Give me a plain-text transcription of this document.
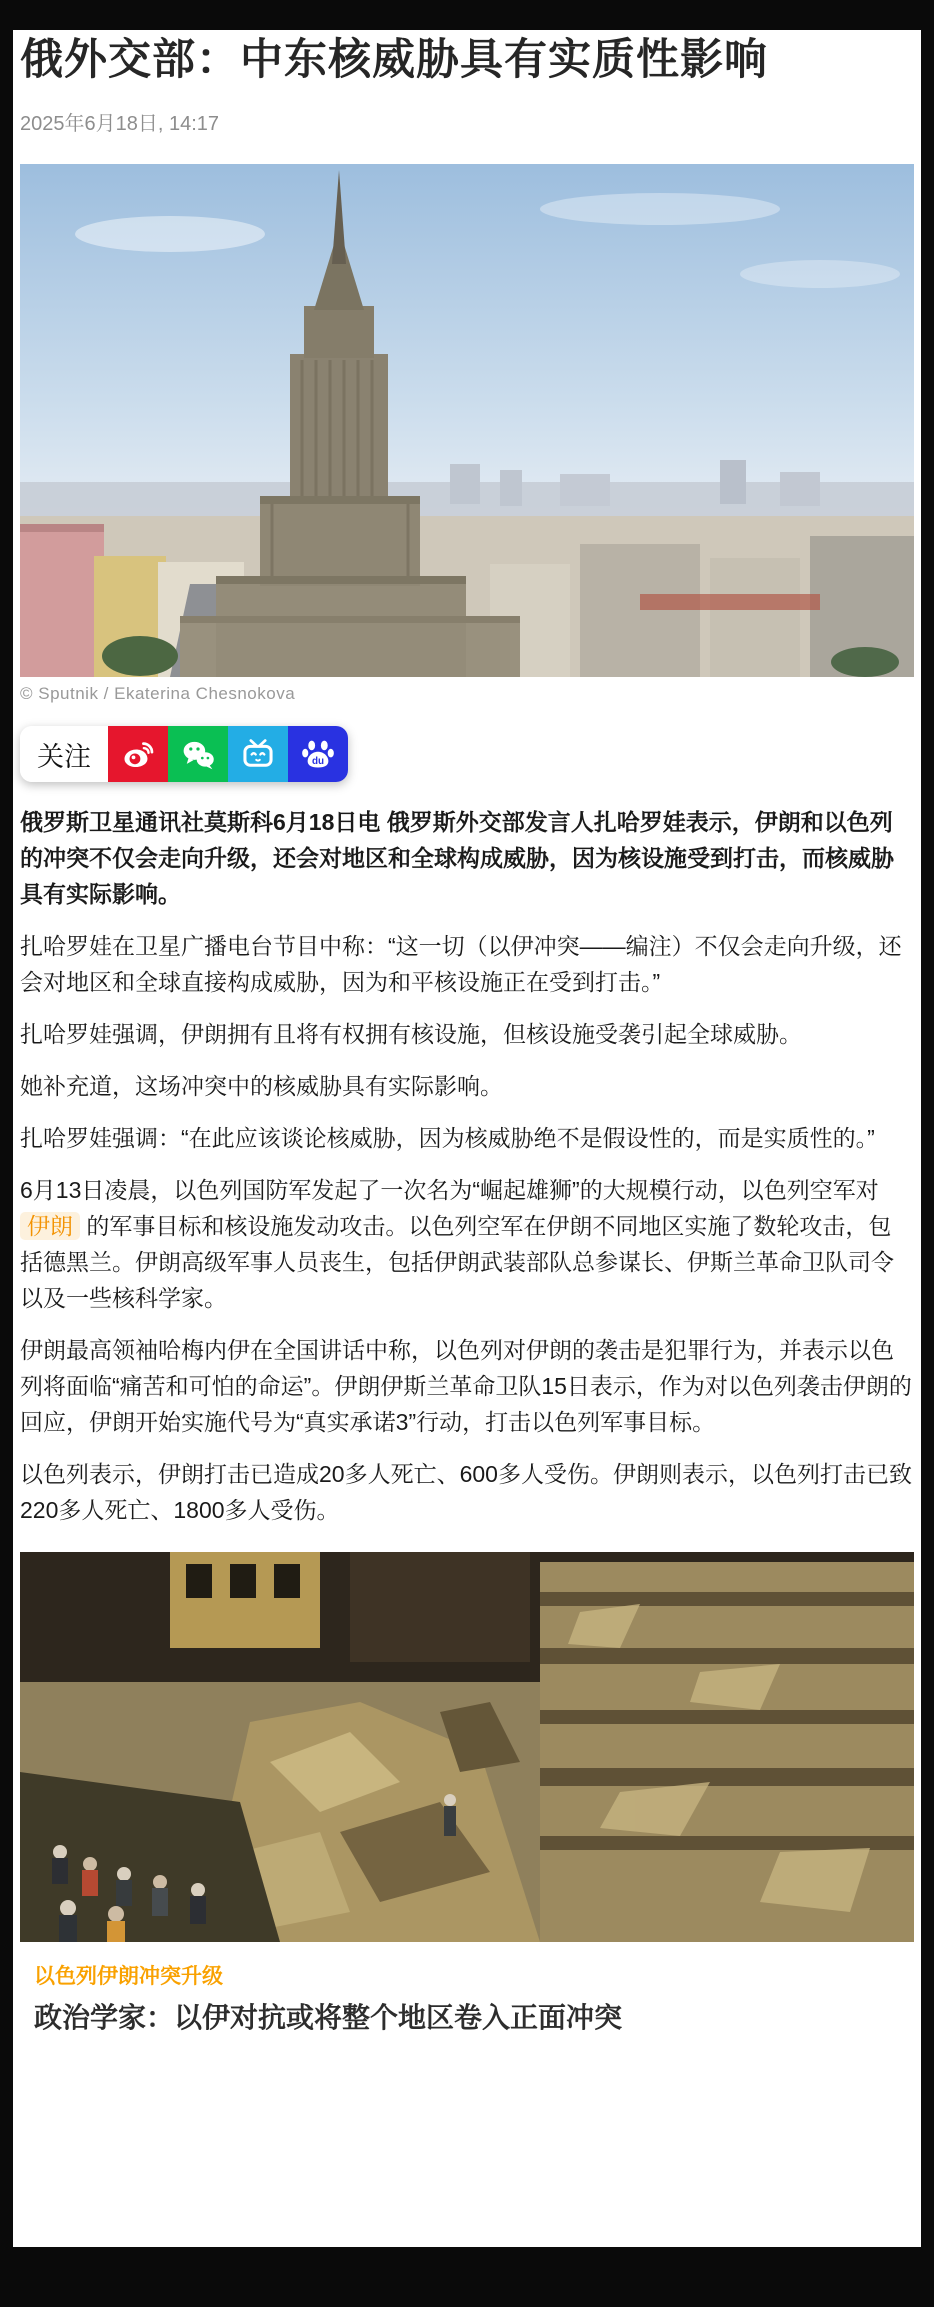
俄外交部：中东核威胁具有实质性影响
2025年6月18日, 14:17
© Sputnik / Ekaterina Chesnokova
关注	du

俄罗斯卫星通讯社莫斯科6月18日电 俄罗斯外交部发言人扎哈罗娃表示，伊朗和以色列的冲突不仅会走向升级，还会对地区和全球构成威胁，因为核设施受到打击，而核威胁具有实际影响。

扎哈罗娃在卫星广播电台节目中称：“这一切（以伊冲突——编注）不仅会走向升级，还会对地区和全球直接构成威胁，因为和平核设施正在受到打击。”

扎哈罗娃强调，伊朗拥有且将有权拥有核设施，但核设施受袭引起全球威胁。

她补充道，这场冲突中的核威胁具有实际影响。

扎哈罗娃强调：“在此应该谈论核威胁，因为核威胁绝不是假设性的，而是实质性的。”

6月13日凌晨，以色列国防军发起了一次名为“崛起雄狮”的大规模行动，以色列空军对 伊朗 的军事目标和核设施发动攻击。以色列空军在伊朗不同地区实施了数轮攻击，包括德黑兰。伊朗高级军事人员丧生，包括伊朗武装部队总参谋长、伊斯兰革命卫队司令以及一些核科学家。

伊朗最高领袖哈梅内伊在全国讲话中称，以色列对伊朗的袭击是犯罪行为，并表示以色列将面临“痛苦和可怕的命运”。伊朗伊斯兰革命卫队15日表示，作为对以色列袭击伊朗的回应，伊朗开始实施代号为“真实承诺3”行动，打击以色列军事目标。

以色列表示，伊朗打击已造成20多人死亡、600多人受伤。伊朗则表示，以色列打击已致220多人死亡、1800多人受伤。

以色列伊朗冲突升级
政治学家：以伊对抗或将整个地区卷入正面冲突
